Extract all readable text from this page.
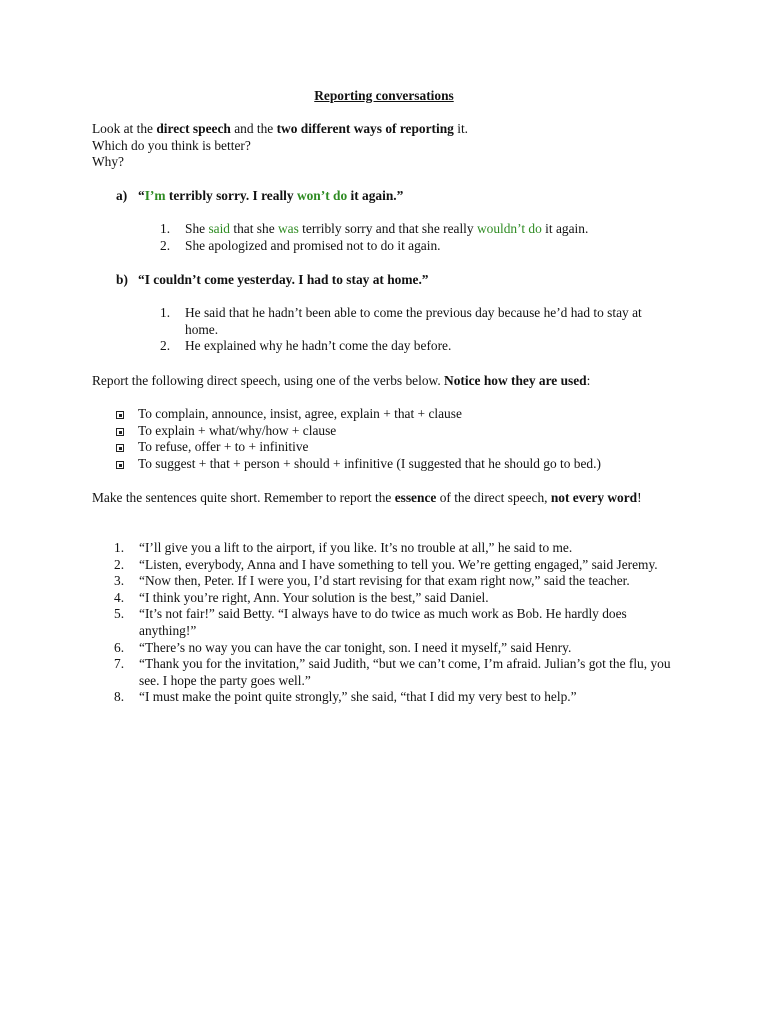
Reporting conversations
Look at the direct speech and the two different ways of reporting it.
Which do you think is better?
Why?
a) “I’m terribly sorry. I really won’t do it again.”
1. She said that she was terribly sorry and that she really wouldn’t do it again.
2. She apologized and promised not to do it again.
b) “I couldn’t come yesterday. I had to stay at home.”
1. He said that he hadn’t been able to come the previous day because he’d had to stay at home.
2. He explained why he hadn’t come the day before.
Report the following direct speech, using one of the verbs below. Notice how they are used:
To complain, announce, insist, agree, explain + that + clause
To explain + what/why/how + clause
To refuse, offer + to + infinitive
To suggest + that + person + should + infinitive (I suggested that he should go to bed.)
Make the sentences quite short. Remember to report the essence of the direct speech, not every word!
1. “I’ll give you a lift to the airport, if you like. It’s no trouble at all,” he said to me.
2. “Listen, everybody, Anna and I have something to tell you. We’re getting engaged,” said Jeremy.
3. “Now then, Peter. If I were you, I’d start revising for that exam right now,” said the teacher.
4. “I think you’re right, Ann. Your solution is the best,” said Daniel.
5. “It’s not fair!” said Betty. “I always have to do twice as much work as Bob. He hardly does anything!”
6. “There’s no way you can have the car tonight, son. I need it myself,” said Henry.
7. “Thank you for the invitation,” said Judith, “but we can’t come, I’m afraid. Julian’s got the flu, you see. I hope the party goes well.”
8. “I must make the point quite strongly,” she said, “that I did my very best to help.”
